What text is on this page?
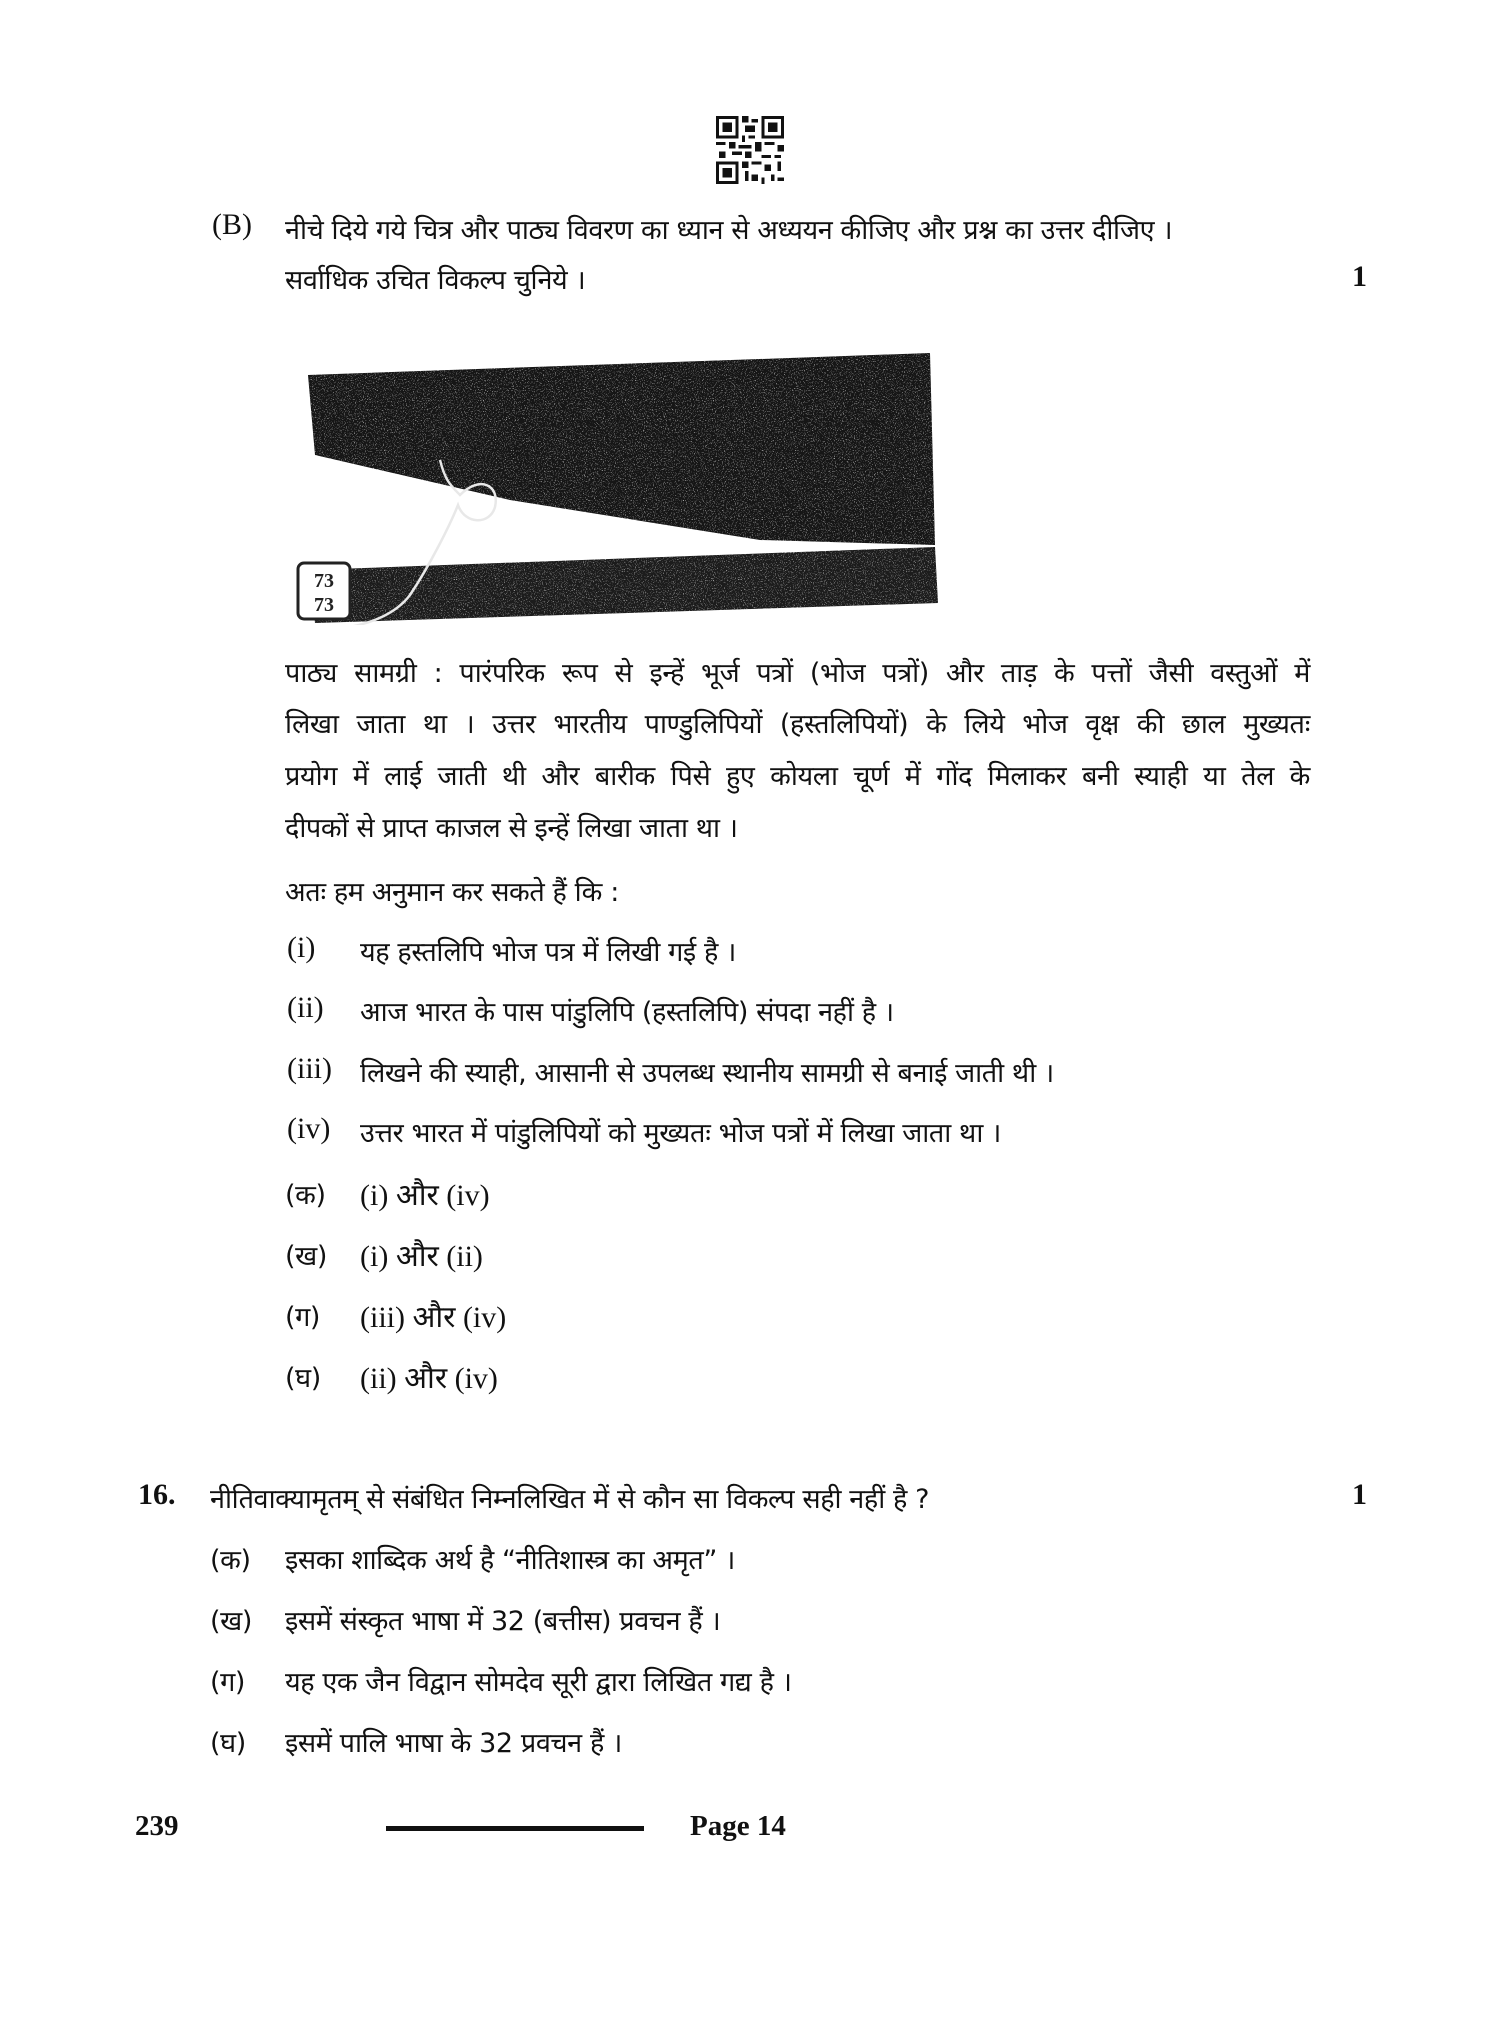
(B) नीचे दिये गये चित्र और पाठ्य विवरण का ध्यान से अध्ययन कीजिए और प्रश्न का उत्तर दीजिए ।
सर्वाधिक उचित विकल्प चुनिये ।	1
73
73
पाठ्य सामग्री : पारंपरिक रूप से इन्हें भूर्ज पत्रों (भोज पत्रों) और ताड़ के पत्तों जैसी वस्तुओं में
लिखा जाता था । उत्तर भारतीय पाण्डुलिपियों (हस्तलिपियों) के लिये भोज वृक्ष की छाल मुख्यतः
प्रयोग में लाई जाती थी और बारीक पिसे हुए कोयला चूर्ण में गोंद मिलाकर बनी स्याही या तेल के
दीपकों से प्राप्त काजल से इन्हें लिखा जाता था ।
अतः हम अनुमान कर सकते हैं कि :
(i) यह हस्तलिपि भोज पत्र में लिखी गई है ।
(ii) आज भारत के पास पांडुलिपि (हस्तलिपि) संपदा नहीं है ।
(iii) लिखने की स्याही, आसानी से उपलब्ध स्थानीय सामग्री से बनाई जाती थी ।
(iv) उत्तर भारत में पांडुलिपियों को मुख्यतः भोज पत्रों में लिखा जाता था ।
(क) (i) और (iv)
(ख) (i) और (ii)
(ग) (iii) और (iv)
(घ) (ii) और (iv)
16. नीतिवाक्यामृतम् से संबंधित निम्नलिखित में से कौन सा विकल्प सही नहीं है ?	1
(क) इसका शाब्दिक अर्थ है “नीतिशास्त्र का अमृत” ।
(ख) इसमें संस्कृत भाषा में 32 (बत्तीस) प्रवचन हैं ।
(ग) यह एक जैन विद्वान सोमदेव सूरी द्वारा लिखित गद्य है ।
(घ) इसमें पालि भाषा के 32 प्रवचन हैं ।
239	Page 14
